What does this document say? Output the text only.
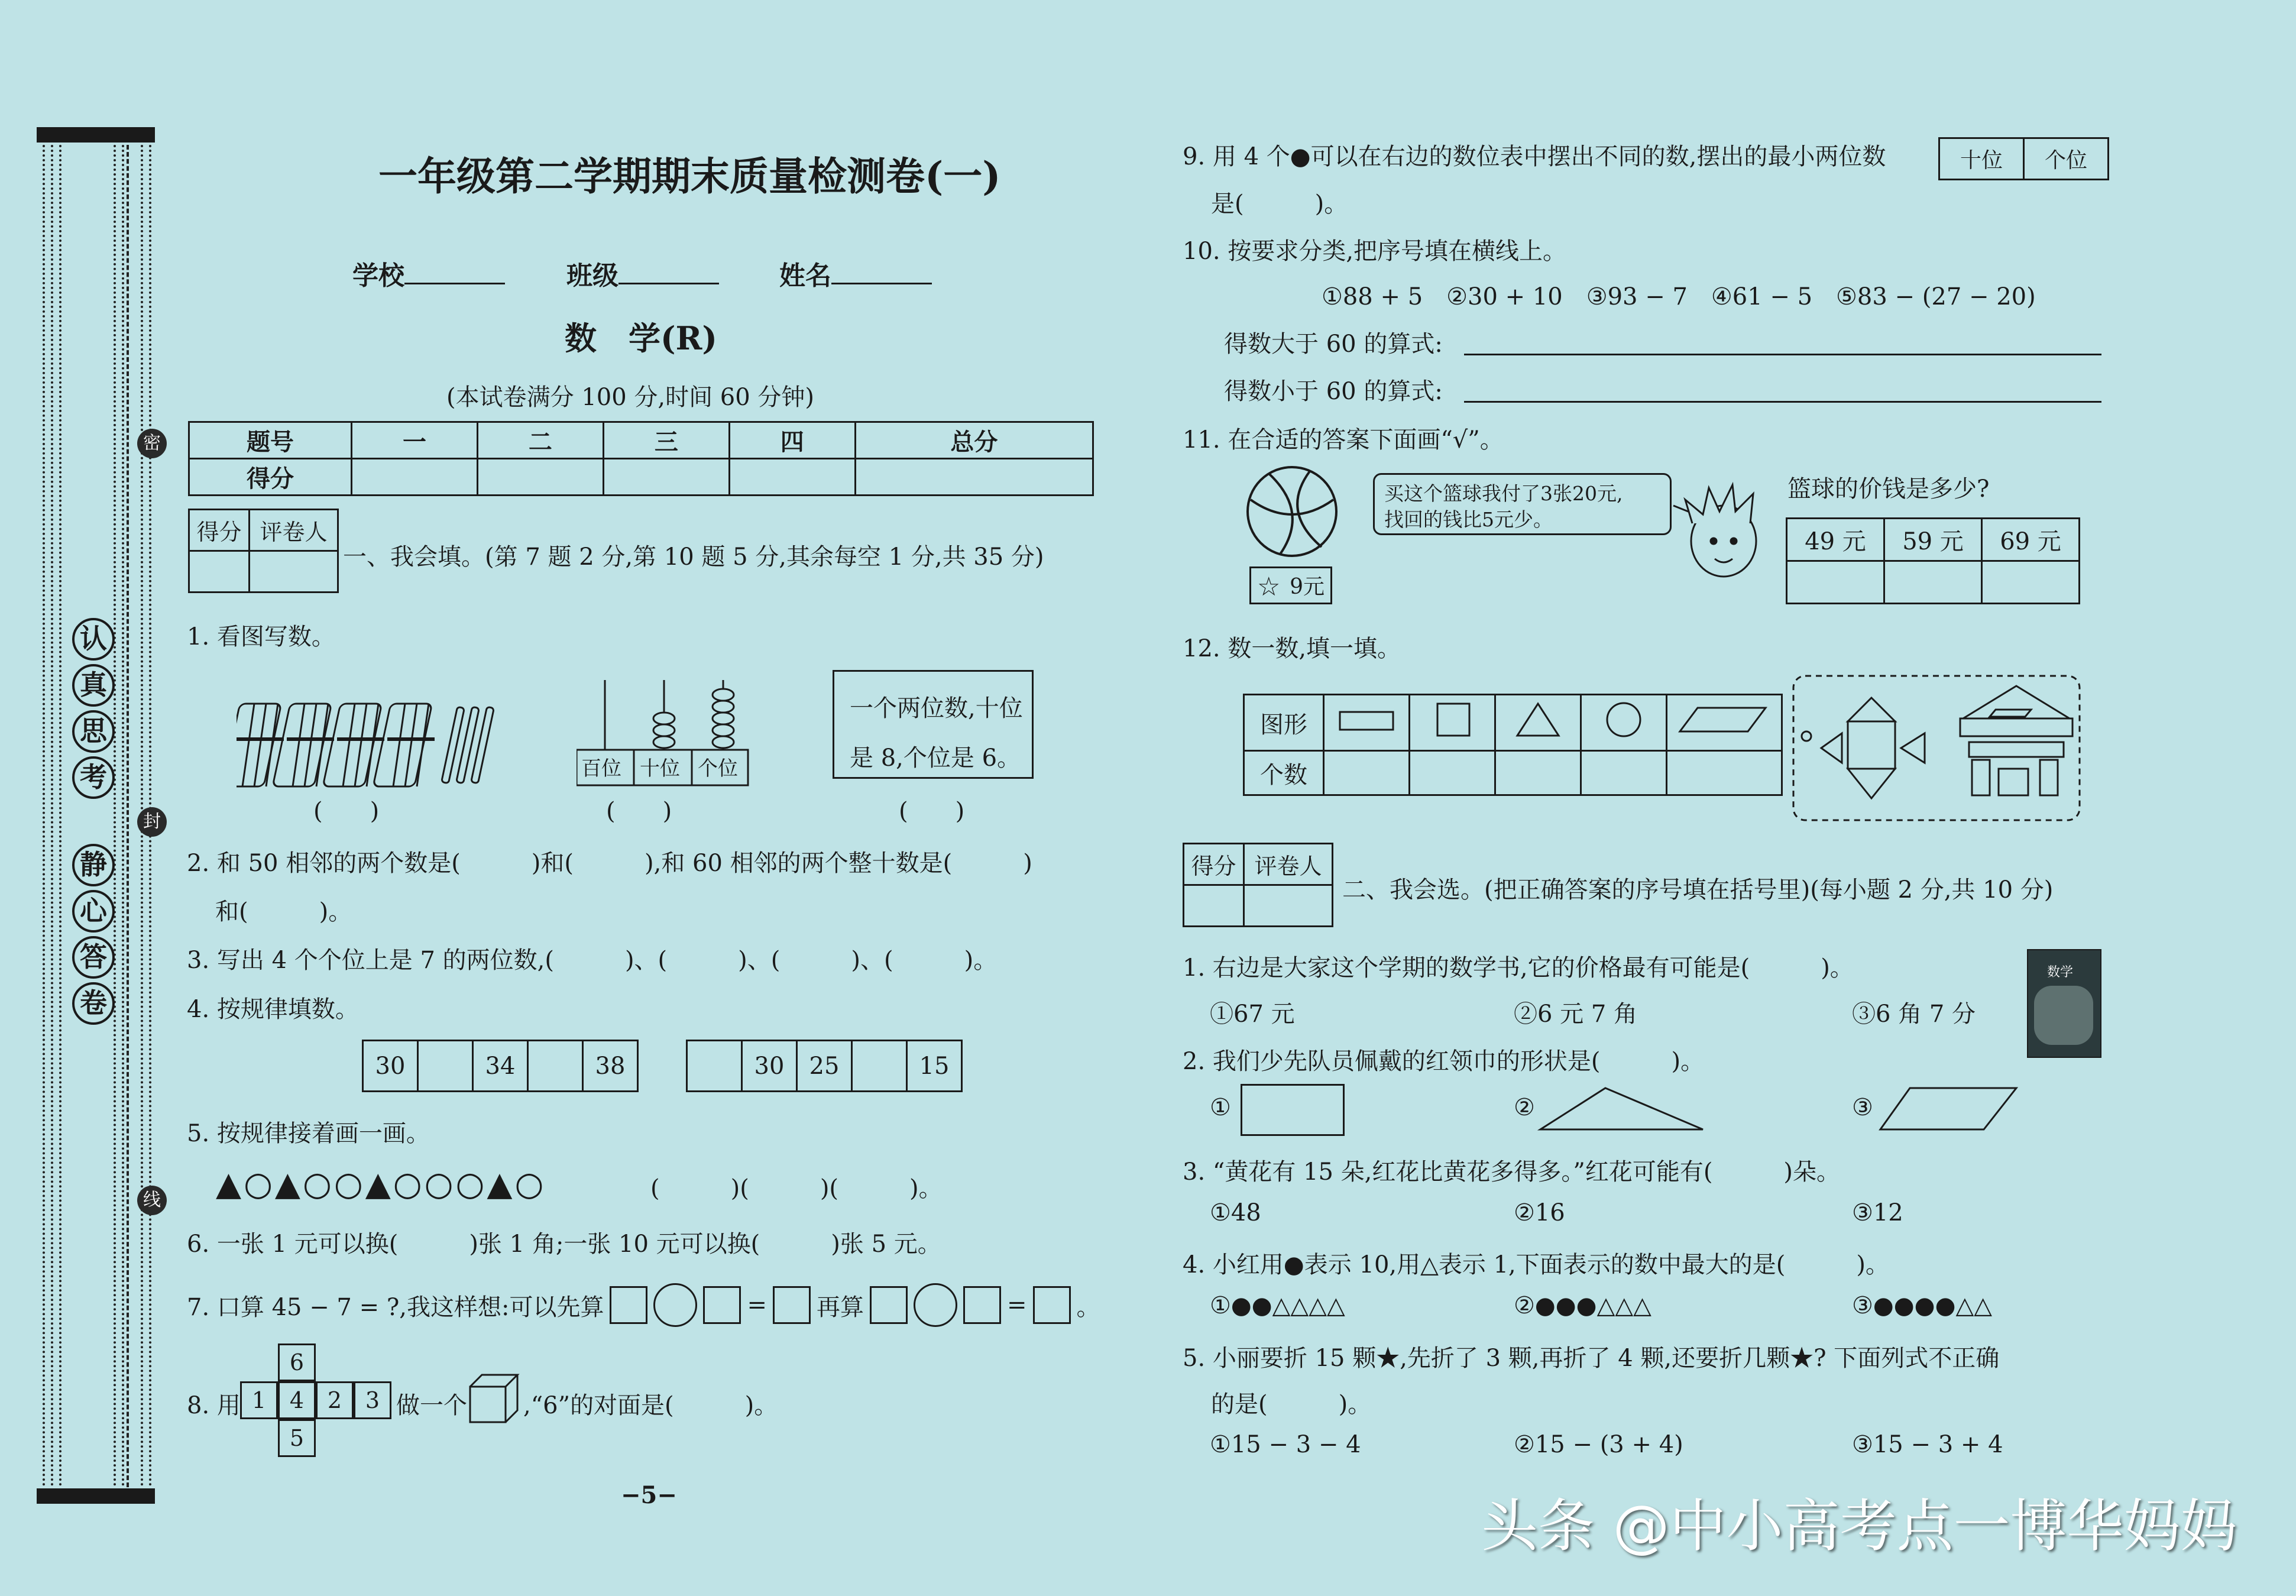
认
真
思
考
静
心
答
卷
密
封
线
一年级第二学期期末质量检测卷(一)
学校	班级	姓名
数　学(R)
(本试卷满分 100 分,时间 60 分钟)
题号	一	二	三	四	总分
得分					
得分	评卷人

一、我会填。(第 7 题 2 分,第 10 题 5 分,其余每空 1 分,共 35 分)
1. 看图写数。
(　　)
百位 十位 个位
(　　)
一个两位数,十位
是 8,个位是 6。
(　　)
2. 和 50 相邻的两个数是(　　　)和(　　　),和 60 相邻的两个整十数是(　　　)
和(　　　)。
3. 写出 4 个个位上是 7 的两位数,(　　　)、(　　　)、(　　　)、(　　　)。
4. 按规律填数。
30		34		38
		30	25		15
5. 按规律接着画一画。
▲○▲○○▲○○○▲○	(　　　)(　　　)(　　　)。
6. 一张 1 元可以换(　　　)张 1 角;一张 10 元可以换(　　　)张 5 元。
7. 口算 45 − 7 = ?,我这样想:可以先算	= 再算	= 。
8. 用
6
1	4	2	3
5
做一个 ,“6”的对面是(　　　)。
−5−
9. 用 4 个●可以在右边的数位表中摆出不同的数,摆出的最小两位数	十位	个位
是(　　　)。
10. 按要求分类,把序号填在横线上。
①88 + 5　②30 + 10　③93 − 7　④61 − 5　⑤83 − (27 − 20)
得数大于 60 的算式:
得数小于 60 的算式:
11. 在合适的答案下面画“√”。
☆ 9元
买这个篮球我付了3张20元,
找回的钱比5元少。
篮球的价钱是多少?
49 元	59 元	69 元

12. 数一数,填一填。
图形					
个数					
得分	评卷人

二、我会选。(把正确答案的序号填在括号里)(每小题 2 分,共 10 分)
1. 右边是大家这个学期的数学书,它的价格最有可能是(　　　)。	数学
①67 元	②6 元 7 角	③6 角 7 分
2. 我们少先队员佩戴的红领巾的形状是(　　　)。
①	②	③
3. “黄花有 15 朵,红花比黄花多得多。”红花可能有(　　　)朵。
①48	②16	③12
4. 小红用●表示 10,用△表示 1,下面表示的数中最大的是(　　　)。
①●●△△△△	②●●●△△△	③●●●●△△
5. 小丽要折 15 颗★,先折了 3 颗,再折了 4 颗,还要折几颗★? 下面列式不正确
的是(　　　)。
①15 − 3 − 4	②15 − (3 + 4)	③15 − 3 + 4
头条 @中小高考点一博华妈妈
